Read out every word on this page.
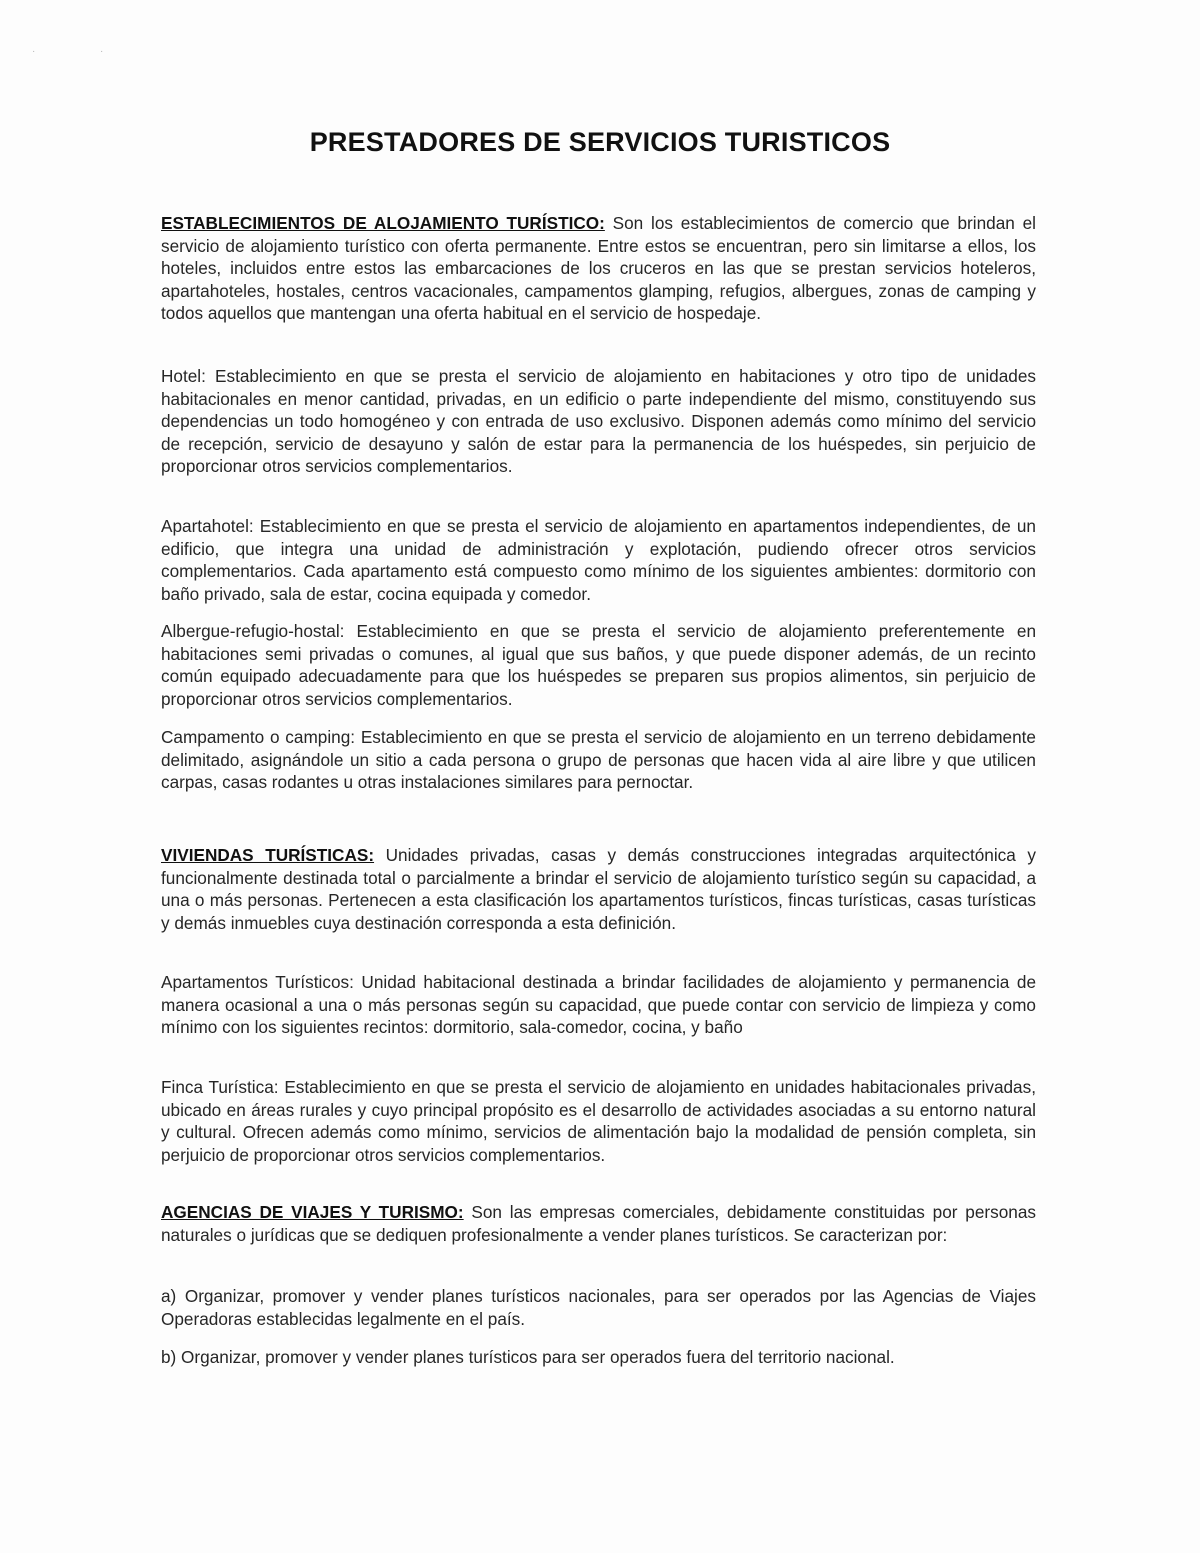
·	·
PRESTADORES DE SERVICIOS TURISTICOS

ESTABLECIMIENTOS DE ALOJAMIENTO TURÍSTICO: Son los establecimientos de comercio que brindan el servicio de alojamiento turístico con oferta permanente. Entre estos se encuentran, pero sin limitarse a ellos, los hoteles, incluidos entre estos las embarcaciones de los cruceros en las que se prestan servicios hoteleros, apartahoteles, hostales, centros vacacionales, campamentos glamping, refugios, albergues, zonas de camping y todos aquellos que mantengan una oferta habitual en el servicio de hospedaje.

Hotel: Establecimiento en que se presta el servicio de alojamiento en habitaciones y otro tipo de unidades habitacionales en menor cantidad, privadas, en un edificio o parte independiente del mismo, constituyendo sus dependencias un todo homogéneo y con entrada de uso exclusivo. Disponen además como mínimo del servicio de recepción, servicio de desayuno y salón de estar para la permanencia de los huéspedes, sin perjuicio de proporcionar otros servicios complementarios.

Apartahotel: Establecimiento en que se presta el servicio de alojamiento en apartamentos independientes, de un edificio, que integra una unidad de administración y explotación, pudiendo ofrecer otros servicios complementarios. Cada apartamento está compuesto como mínimo de los siguientes ambientes: dormitorio con baño privado, sala de estar, cocina equipada y comedor.

Albergue-refugio-hostal: Establecimiento en que se presta el servicio de alojamiento preferentemente en habitaciones semi privadas o comunes, al igual que sus baños, y que puede disponer además, de un recinto común equipado adecuadamente para que los huéspedes se preparen sus propios alimentos, sin perjuicio de proporcionar otros servicios complementarios.

Campamento o camping: Establecimiento en que se presta el servicio de alojamiento en un terreno debidamente delimitado, asignándole un sitio a cada persona o grupo de personas que hacen vida al aire libre y que utilicen carpas, casas rodantes u otras instalaciones similares para pernoctar.

VIVIENDAS TURÍSTICAS: Unidades privadas, casas y demás construcciones integradas arquitectónica y funcionalmente destinada total o parcialmente a brindar el servicio de alojamiento turístico según su capacidad, a una o más personas. Pertenecen a esta clasificación los apartamentos turísticos, fincas turísticas, casas turísticas y demás inmuebles cuya destinación corresponda a esta definición.

Apartamentos Turísticos: Unidad habitacional destinada a brindar facilidades de alojamiento y permanencia de manera ocasional a una o más personas según su capacidad, que puede contar con servicio de limpieza y como mínimo con los siguientes recintos: dormitorio, sala-comedor, cocina, y baño

Finca Turística: Establecimiento en que se presta el servicio de alojamiento en unidades habitacionales privadas, ubicado en áreas rurales y cuyo principal propósito es el desarrollo de actividades asociadas a su entorno natural y cultural. Ofrecen además como mínimo, servicios de alimentación bajo la modalidad de pensión completa, sin perjuicio de proporcionar otros servicios complementarios.

AGENCIAS DE VIAJES Y TURISMO: Son las empresas comerciales, debidamente constituidas por personas naturales o jurídicas que se dediquen profesionalmente a vender planes turísticos. Se caracterizan por:

a) Organizar, promover y vender planes turísticos nacionales, para ser operados por las Agencias de Viajes Operadoras establecidas legalmente en el país.

b) Organizar, promover y vender planes turísticos para ser operados fuera del territorio nacional.
